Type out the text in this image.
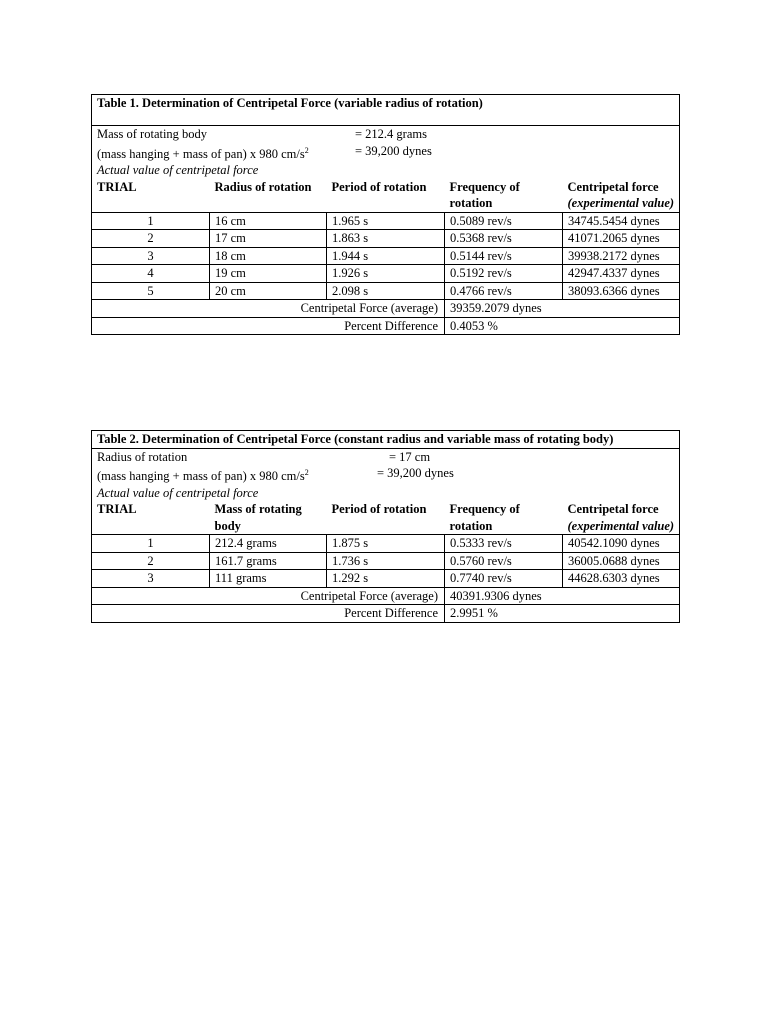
Table 1. Determination of Centripetal Force (variable radius of rotation)				

Mass of rotating body = 212.4 grams
(mass hanging + mass of pan) x 980 $cm/s^2 = 39,200$ dynes
Actual value of centripetal force				

TRIAL	Radius of rotation	Period of rotation	Frequency of rotation	Centripetal force
(experimental value)
1	16 cm	1.965 s	0.5089 rev/s	34745.5454 dynes
2	17 cm	1.863 s	0.5368 rev/s	41071.2065 dynes
3	18 cm	1.944 s	0.5144 rev/s	39938.2172 dynes
4	19 cm	1.926 s	0.5192 rev/s	42947.4337 dynes
5	20 cm	2.098 s	0.4766 rev/s	38093.6366 dynes
Centripetal Force (average)			39359.2079 dynes	
Percent Difference			0.4053 %	
Table 2. Determination of Centripetal Force (constant radius and variable mass of rotating body)				

Radius of rotation = 17 cm
(mass hanging + mass of pan) x 980 $cm/s^2 = 39,200$ dynes
Actual value of centripetal force				

TRIAL	Mass of rotating body	Period of rotation	Frequency of rotation	Centripetal force
(experimental value)
1	212.4 grams	1.875 s	0.5333 rev/s	40542.1090 dynes
2	161.7 grams	1.736 s	0.5760 rev/s	36005.0688 dynes
3	111 grams	1.292 s	0.7740 rev/s	44628.6303 dynes
Centripetal Force (average)			40391.9306 dynes	
Percent Difference			2.9951 %	
